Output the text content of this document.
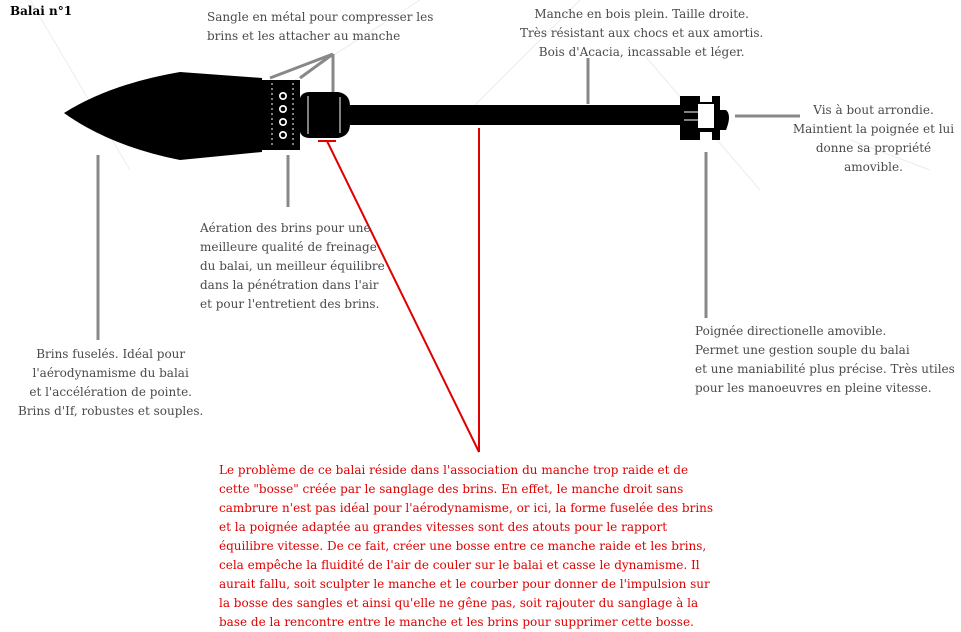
Balai n°1	Sangle en métal pour compresser les
brins et les attacher au manche
Manche en bois plein. Taille droite.
Très résistant aux chocs et aux amortis.
Bois d'Acacia, incassable et léger.
Vis à bout arrondie.
Maintient la poignée et lui
donne sa propriété amovible.
Aération des brins pour une
meilleure qualité de freinage
du balai, un meilleur équilibre
dans la pénétration dans l'air
et pour l'entretient des brins.
Brins fuselés. Idéal pour
l'aérodynamisme du balai
et l'accélération de pointe.
Brins d'If, robustes et souples.
Poignée directionelle amovible.
Permet une gestion souple du balai
et une maniabilité plus précise. Très utiles
pour les manoeuvres en pleine vitesse.
Le problème de ce balai réside dans l'association du manche trop raide et de cette "bosse" créée par le sanglage des brins. En effet, le manche droit sans cambrure n'est pas idéal pour l'aérodynamisme, or ici, la forme fuselée des brins et la poignée adaptée au grandes vitesses sont des atouts pour le rapport équilibre vitesse. De ce fait, créer une bosse entre ce manche raide et les brins, cela empêche la fluidité de l'air de couler sur le balai et casse le dynamisme. Il aurait fallu, soit sculpter le manche et le courber pour donner de l'impulsion sur la bosse des sangles et ainsi qu'elle ne gêne pas, soit rajouter du sanglage à la base de la rencontre entre le manche et les brins pour supprimer cette bosse.
